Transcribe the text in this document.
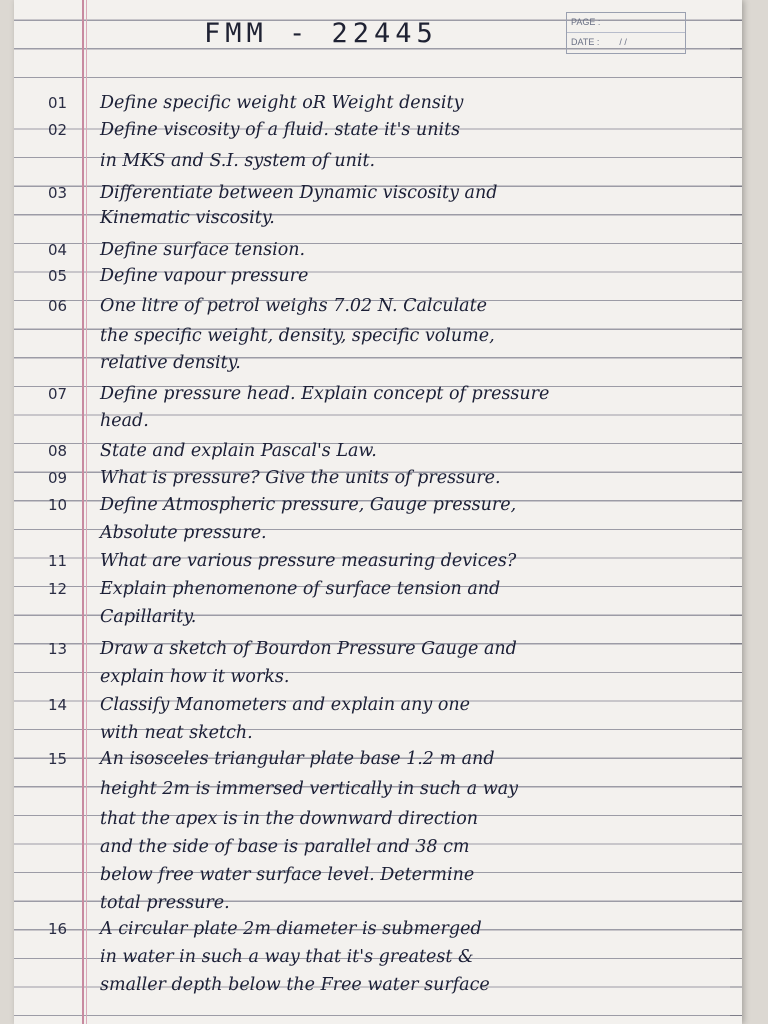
FMM - 22445	PAGE :
DATE : / /
01 Define specific weight oR Weight density
02 Define viscosity of a fluid. state it's units
in MKS and S.I. system of unit.
03 Differentiate between Dynamic viscosity and
Kinematic viscosity.
04 Define surface tension.
05 Define vapour pressure
06 One litre of petrol weighs 7.02 N. Calculate
the specific weight, density, specific volume,
relative density.
07 Define pressure head. Explain concept of pressure
head.
08 State and explain Pascal's Law.
09 What is pressure? Give the units of pressure.
10 Define Atmospheric pressure, Gauge pressure,
Absolute pressure.
11 What are various pressure measuring devices?
12 Explain phenomenone of surface tension and
Capillarity.
13 Draw a sketch of Bourdon Pressure Gauge and
explain how it works.
14 Classify Manometers and explain any one
with neat sketch.
15 An isosceles triangular plate base 1.2 m and
height 2m is immersed vertically in such a way
that the apex is in the downward direction
and the side of base is parallel and 38 cm
below free water surface level. Determine
total pressure.
16 A circular plate 2m diameter is submerged
in water in such a way that it's greatest &
smaller depth below the Free water surface
